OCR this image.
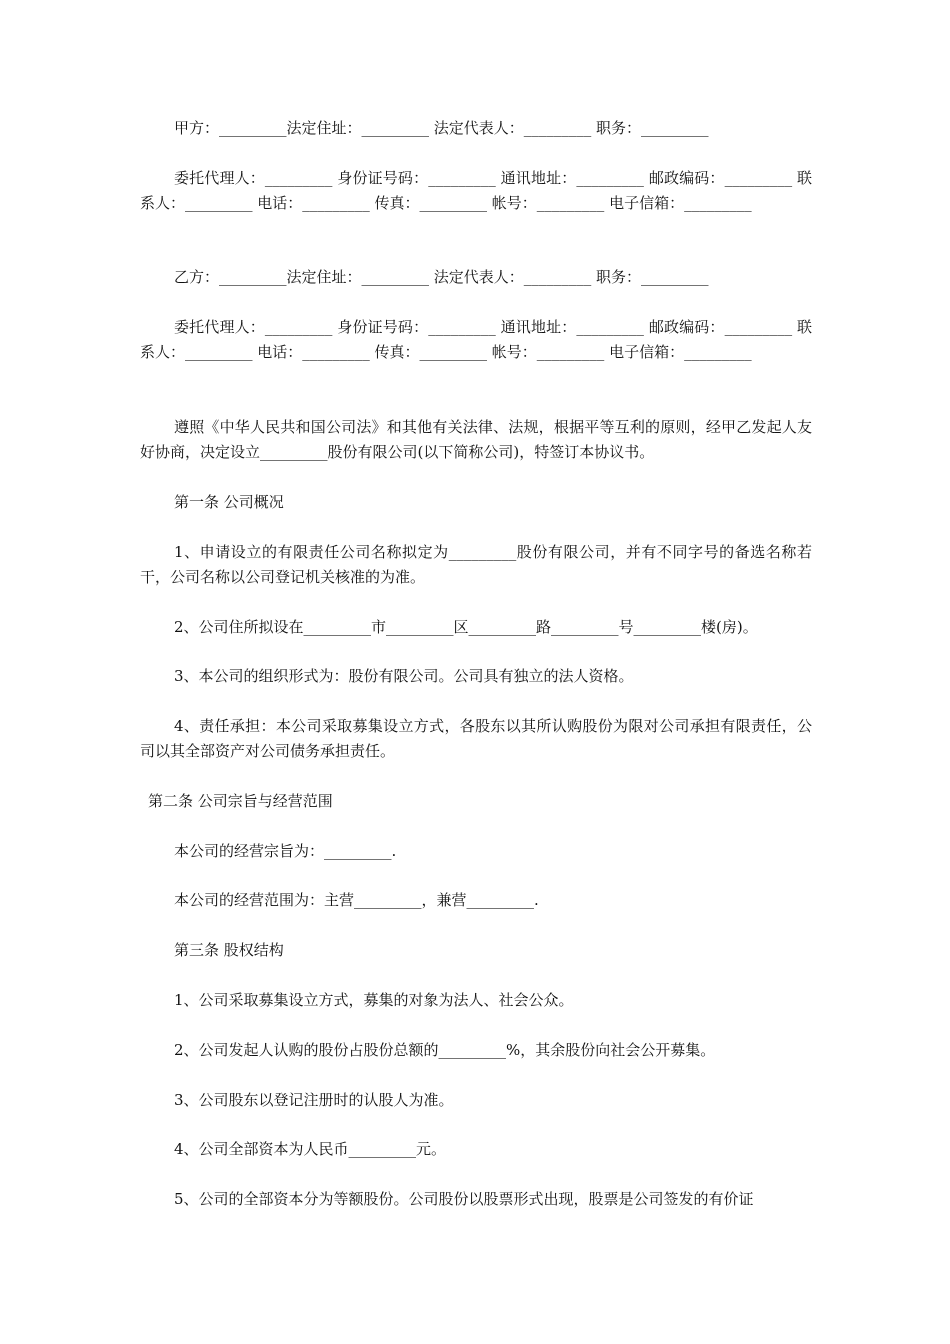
甲方：_________法定住址：_________ 法定代表人：_________ 职务：_________

委托代理人：_________ 身份证号码：_________ 通讯地址：_________ 邮政编码：_________ 联系人：_________ 电话：_________ 传真：_________ 帐号：_________ 电子信箱：_________

乙方：_________法定住址：_________ 法定代表人：_________ 职务：_________

委托代理人：_________ 身份证号码：_________ 通讯地址：_________ 邮政编码：_________ 联系人：_________ 电话：_________ 传真：_________ 帐号：_________ 电子信箱：_________

遵照《中华人民共和国公司法》和其他有关法律、法规，根据平等互利的原则，经甲乙发起人友好协商，决定设立_________股份有限公司(以下简称公司)，特签订本协议书。

第一条 公司概况

1、申请设立的有限责任公司名称拟定为_________股份有限公司，并有不同字号的备选名称若干，公司名称以公司登记机关核准的为准。

2、公司住所拟设在_________市_________区_________路_________号_________楼(房)。

3、本公司的组织形式为：股份有限公司。公司具有独立的法人资格。

4、责任承担：本公司采取募集设立方式，各股东以其所认购股份为限对公司承担有限责任，公司以其全部资产对公司债务承担责任。

第二条 公司宗旨与经营范围

本公司的经营宗旨为：_________.

本公司的经营范围为：主营_________，兼营_________.

第三条 股权结构

1、公司采取募集设立方式，募集的对象为法人、社会公众。

2、公司发起人认购的股份占股份总额的_________%，其余股份向社会公开募集。

3、公司股东以登记注册时的认股人为准。

4、公司全部资本为人民币_________元。

5、公司的全部资本分为等额股份。公司股份以股票形式出现，股票是公司签发的有价证
